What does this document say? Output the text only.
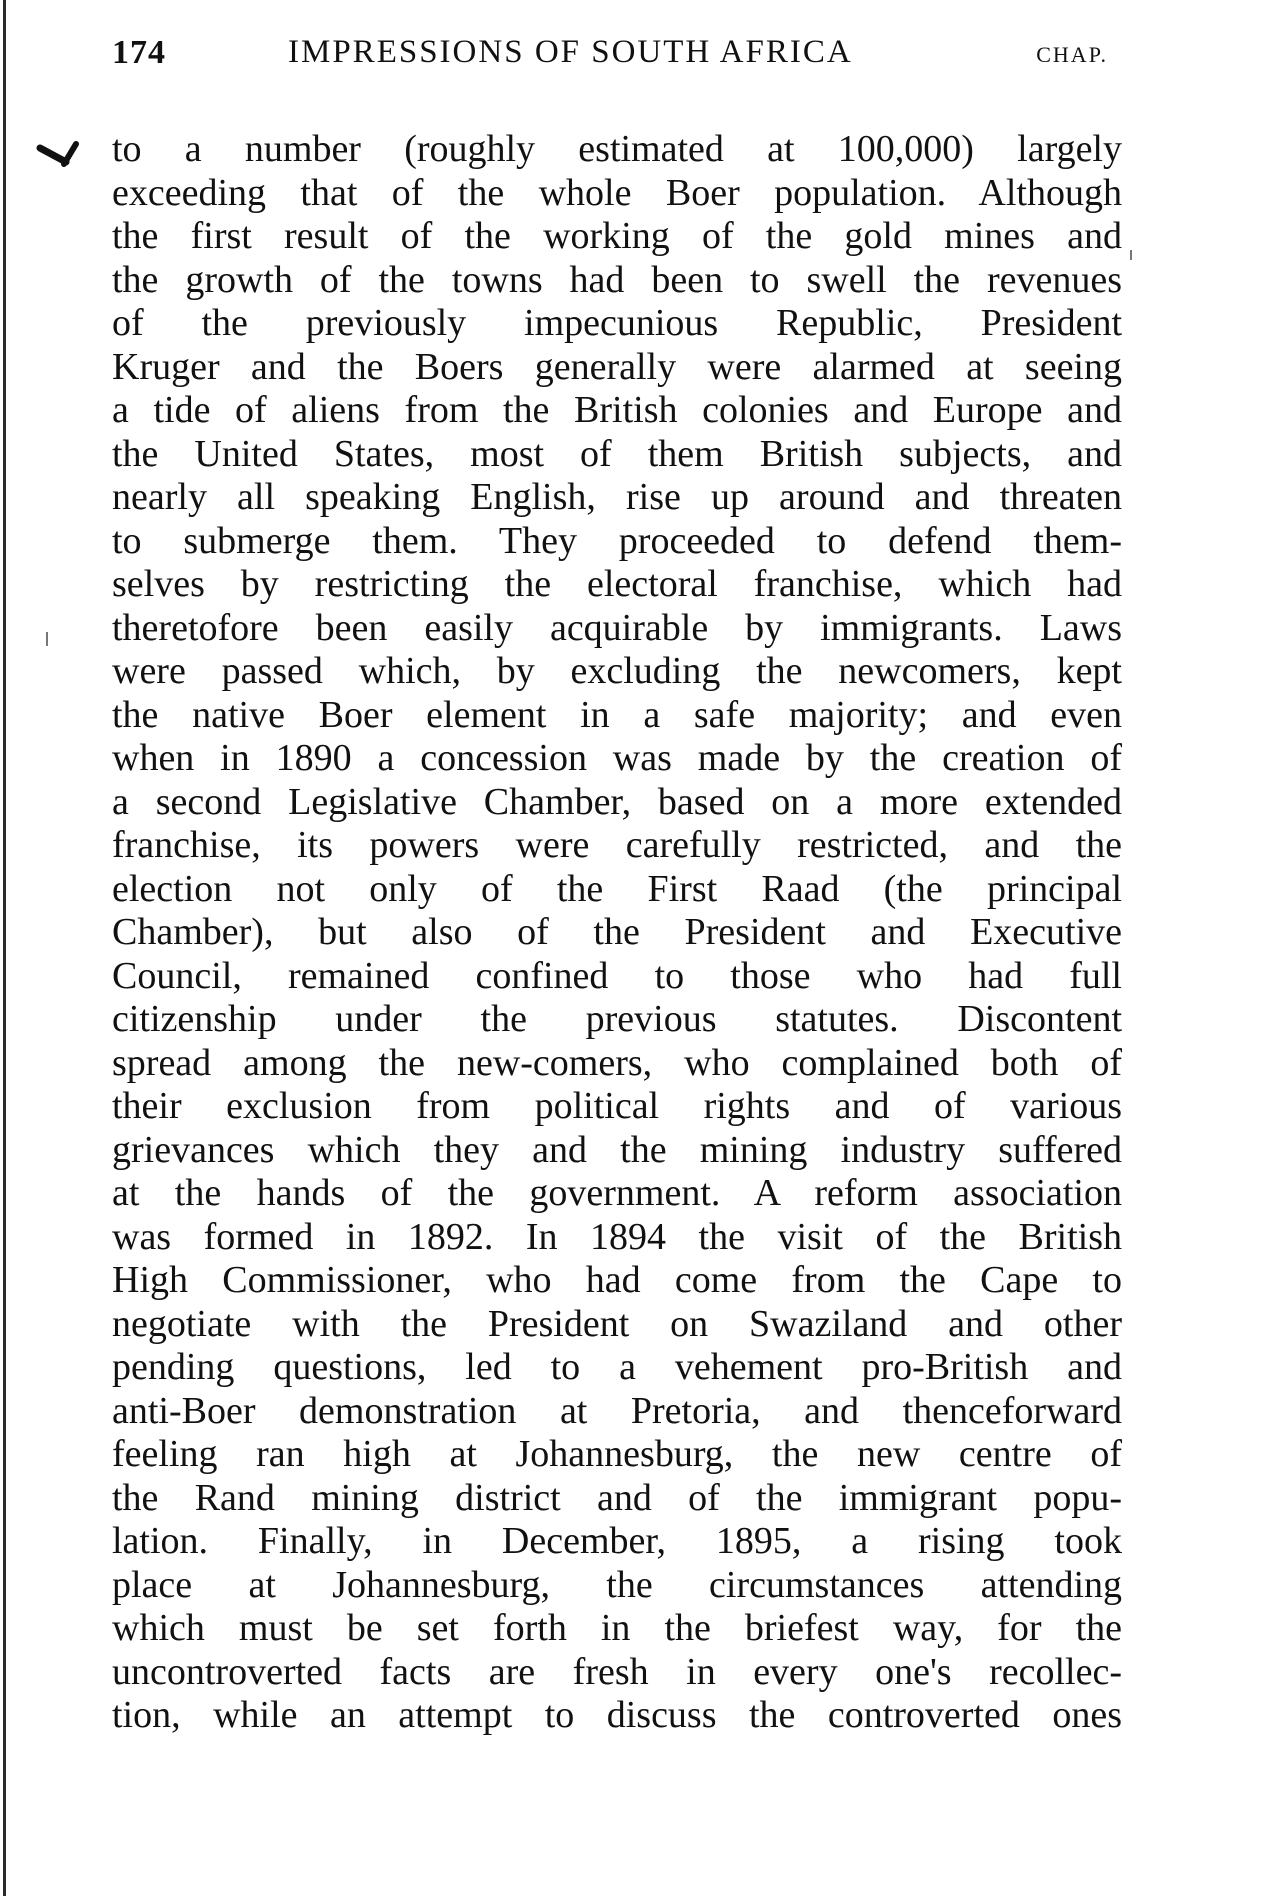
174	IMPRESSIONS OF SOUTH AFRICA	CHAP.
to a number (roughly estimated at 100,000) largely
exceeding that of the whole Boer population. Although
the first result of the working of the gold mines and
the growth of the towns had been to swell the revenues
of the previously impecunious Republic, President
Kruger and the Boers generally were alarmed at seeing
a tide of aliens from the British colonies and Europe and
the United States, most of them British subjects, and
nearly all speaking English, rise up around and threaten
to submerge them. They proceeded to defend them-
selves by restricting the electoral franchise, which had
theretofore been easily acquirable by immigrants. Laws
were passed which, by excluding the newcomers, kept
the native Boer element in a safe majority; and even
when in 1890 a concession was made by the creation of
a second Legislative Chamber, based on a more extended
franchise, its powers were carefully restricted, and the
election not only of the First Raad (the principal
Chamber), but also of the President and Executive
Council, remained confined to those who had full
citizenship under the previous statutes. Discontent
spread among the new-comers, who complained both of
their exclusion from political rights and of various
grievances which they and the mining industry suffered
at the hands of the government. A reform association
was formed in 1892. In 1894 the visit of the British
High Commissioner, who had come from the Cape to
negotiate with the President on Swaziland and other
pending questions, led to a vehement pro-British and
anti-Boer demonstration at Pretoria, and thenceforward
feeling ran high at Johannesburg, the new centre of
the Rand mining district and of the immigrant popu-
lation. Finally, in December, 1895, a rising took
place at Johannesburg, the circumstances attending
which must be set forth in the briefest way, for the
uncontroverted facts are fresh in every one's recollec-
tion, while an attempt to discuss the controverted ones
